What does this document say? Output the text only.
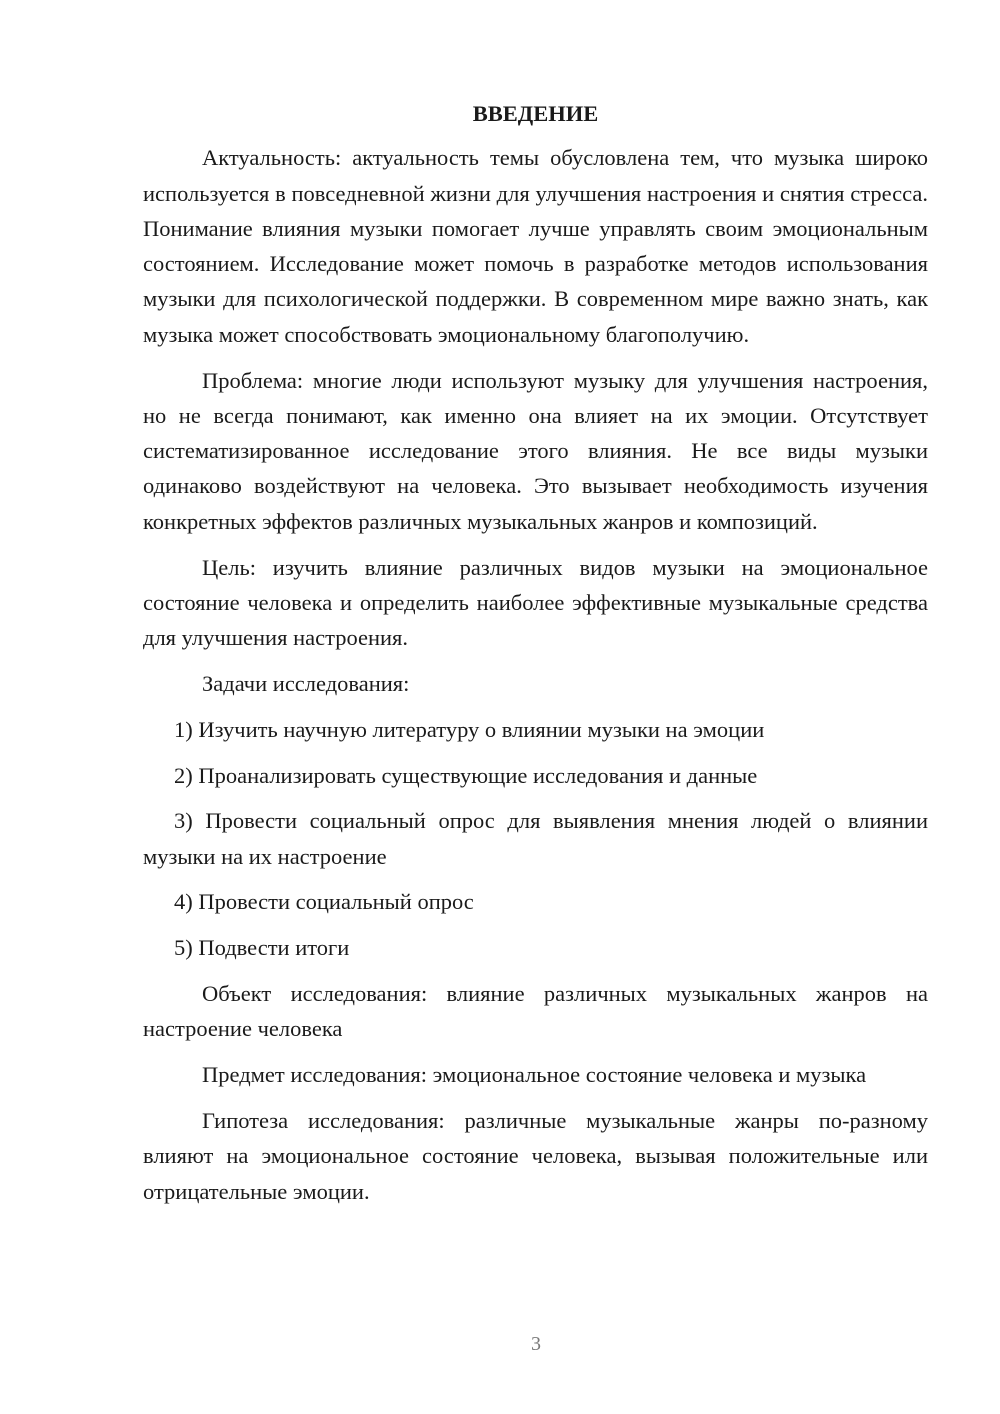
ВВЕДЕНИЕ

Актуальность: актуальность темы обусловлена тем, что музыка широко используется в повседневной жизни для улучшения настроения и снятия стресса. Понимание влияния музыки помогает лучше управлять своим эмоциональным состоянием. Исследование может помочь в разработке методов использования музыки для психологической поддержки. В современном мире важно знать, как музыка может способствовать эмоциональному благополучию.

Проблема: многие люди используют музыку для улучшения настроения, но не всегда понимают, как именно она влияет на их эмоции. Отсутствует систематизированное исследование этого влияния. Не все виды музыки одинаково воздействуют на человека. Это вызывает необходимость изучения конкретных эффектов различных музыкальных жанров и композиций.

Цель: изучить влияние различных видов музыки на эмоциональное состояние человека и определить наиболее эффективные музыкальные средства для улучшения настроения.

Задачи исследования:

1) Изучить научную литературу о влиянии музыки на эмоции

2) Проанализировать существующие исследования и данные

3) Провести социальный опрос для выявления мнения людей о влиянии музыки на их настроение

4) Провести социальный опрос

5) Подвести итоги

Объект исследования: влияние различных музыкальных жанров на настроение человека

Предмет исследования: эмоциональное состояние человека и музыка

Гипотеза исследования: различные музыкальные жанры по-разному влияют на эмоциональное состояние человека, вызывая положительные или отрицательные эмоции.

3
